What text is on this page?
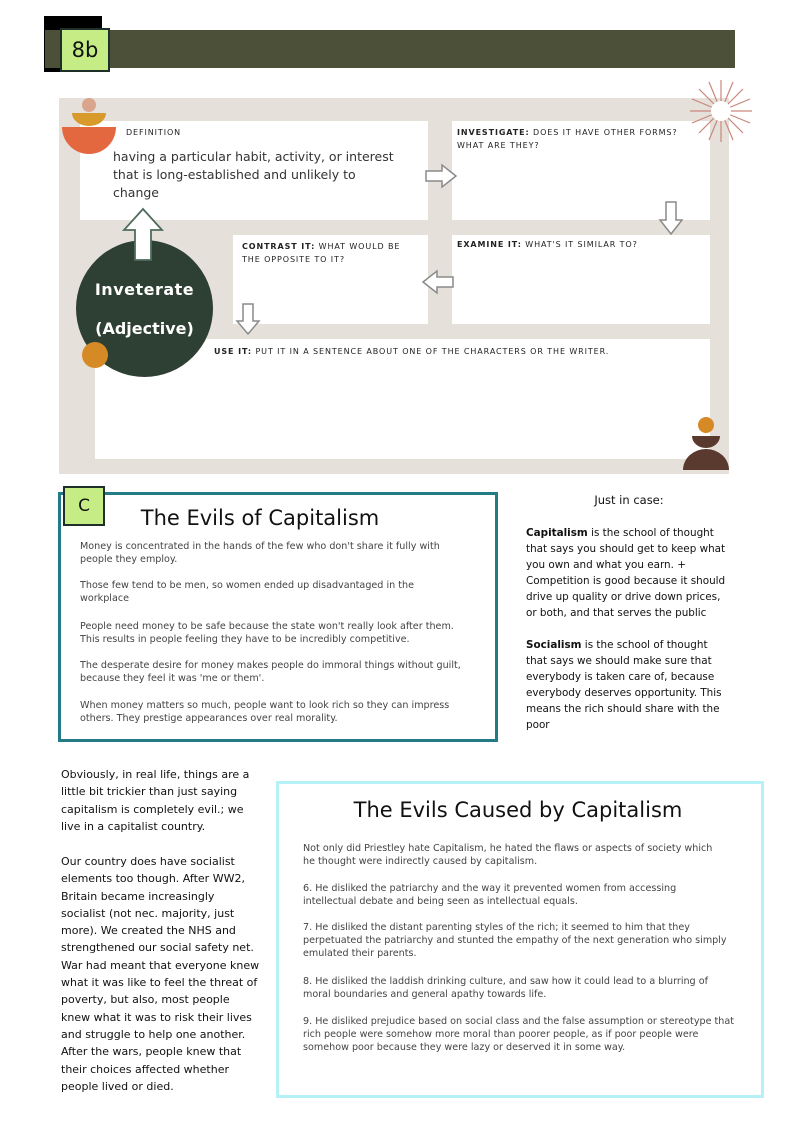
8b
DEFINITION
having a particular habit, activity, or interest that is long-established and unlikely to change
INVESTIGATE: DOES IT HAVE OTHER FORMS? WHAT ARE THEY?
EXAMINE IT: WHAT'S IT SIMILAR TO?
CONTRAST IT: WHAT WOULD BE THE OPPOSITE TO IT?
USE IT: PUT IT IN A SENTENCE ABOUT ONE OF THE CHARACTERS OR THE WRITER.
Inveterate
(Adjective)
C	The Evils of Capitalism
Money is concentrated in the hands of the few who don't share it fully with people they employ.
Those few tend to be men, so women ended up disadvantaged in the workplace
People need money to be safe because the state won't really look after them. This results in people feeling they have to be incredibly competitive.
The desperate desire for money makes people do immoral things without guilt, because they feel it was 'me or them'.
When money matters so much, people want to look rich so they can impress others. They prestige appearances over real morality.
Just in case:
Capitalism is the school of thought that says you should get to keep what you own and what you earn. + Competition is good because it should drive up quality or drive down prices, or both, and that serves the public
Socialism is the school of thought that says we should make sure that everybody is taken care of, because everybody deserves opportunity. This means the rich should share with the poor
Obviously, in real life, things are a little bit trickier than just saying capitalism is completely evil.; we live in a capitalist country.
Our country does have socialist elements too though. After WW2, Britain became increasingly socialist (not nec. majority, just more). We created the NHS and strengthened our social safety net. War had meant that everyone knew what it was like to feel the threat of poverty, but also, most people knew what it was to risk their lives and struggle to help one another. After the wars, people knew that their choices affected whether people lived or died.
The Evils Caused by Capitalism
Not only did Priestley hate Capitalism, he hated the flaws or aspects of society which he thought were indirectly caused by capitalism.
6. He disliked the patriarchy and the way it prevented women from accessing intellectual debate and being seen as intellectual equals.
7. He disliked the distant parenting styles of the rich; it seemed to him that they perpetuated the patriarchy and stunted the empathy of the next generation who simply emulated their parents.
8. He disliked the laddish drinking culture, and saw how it could lead to a blurring of moral boundaries and general apathy towards life.
9. He disliked prejudice based on social class and the false assumption or stereotype that rich people were somehow more moral than poorer people, as if poor people were somehow poor because they were lazy or deserved it in some way.
